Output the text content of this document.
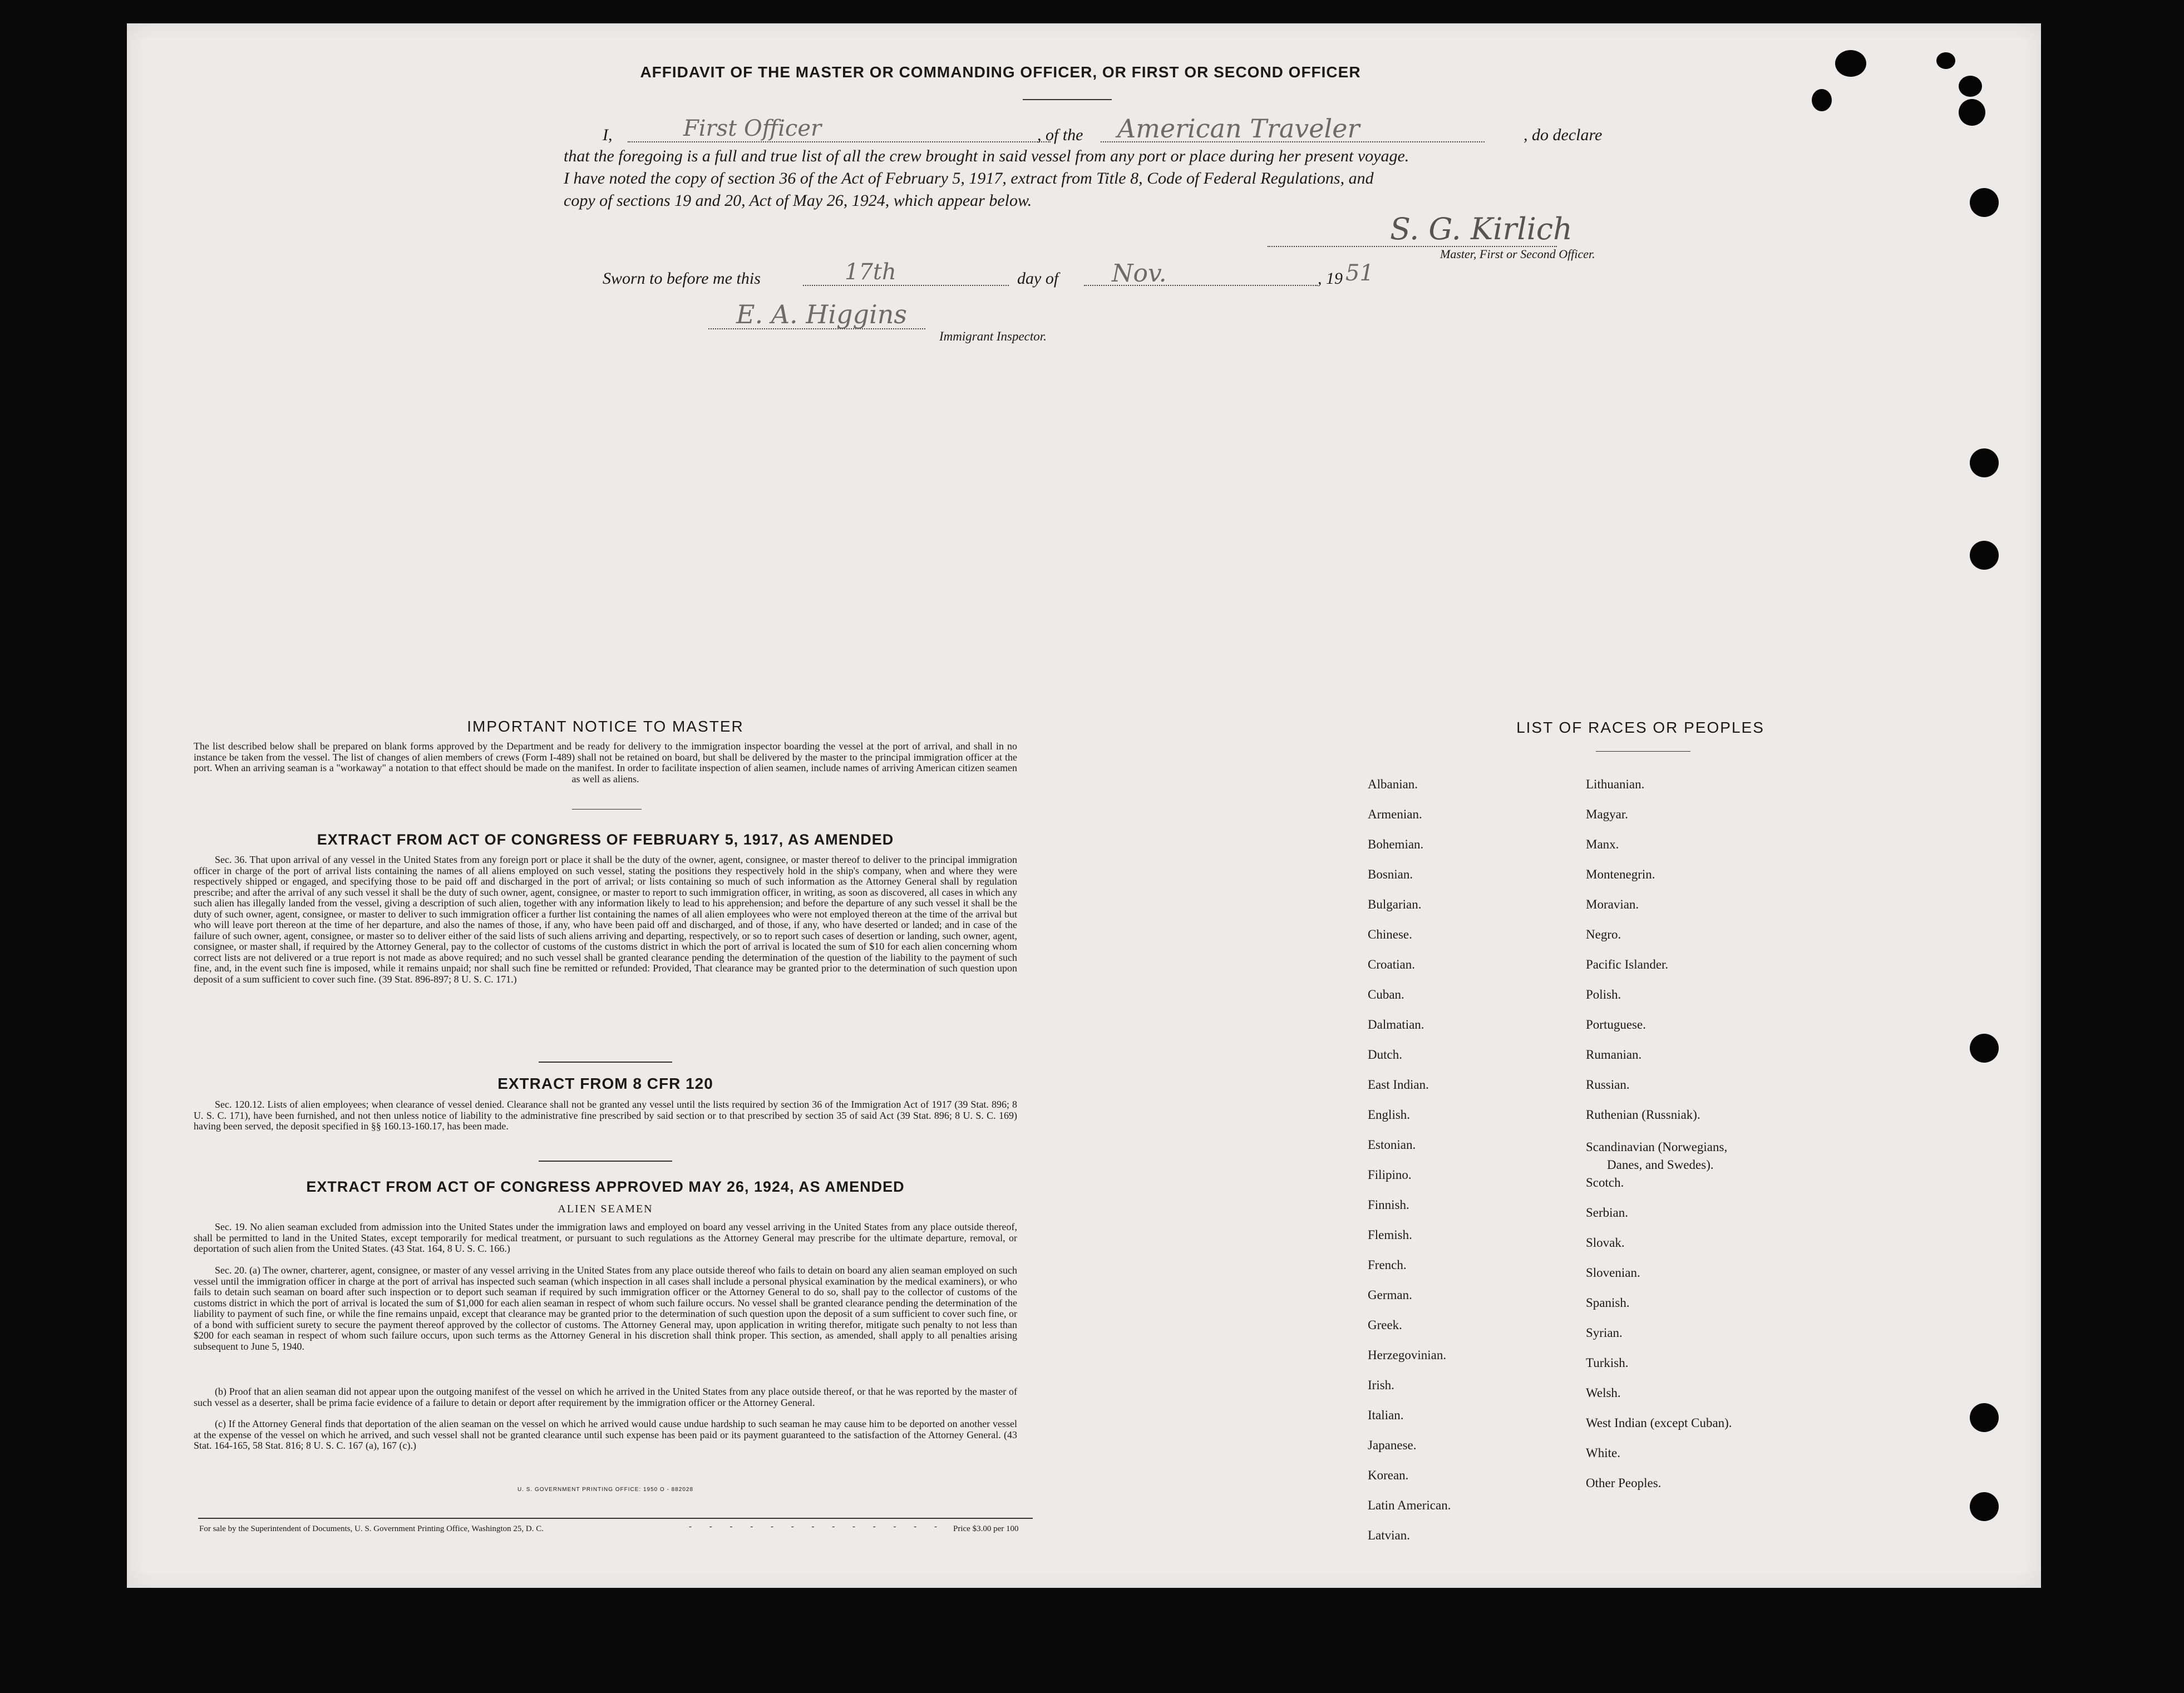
AFFIDAVIT OF THE MASTER OR COMMANDING OFFICER, OR FIRST OR SECOND OFFICER
I,	First Officer	, of the American Traveler	, do declare
that the foregoing is a full and true list of all the crew brought in said vessel from any port or place during her present voyage.
I have noted the copy of section 36 of the Act of February 5, 1917, extract from Title 8, Code of Federal Regulations, and
copy of sections 19 and 20, Act of May 26, 1924, which appear below.
S. G. Kirlich
Master, First or Second Officer.
Sworn to before me this	17th	day of Nov.	, 19 51
E. A. Higgins
Immigrant Inspector.
IMPORTANT NOTICE TO MASTER
The list described below shall be prepared on blank forms approved by the Department and be ready for delivery to the immigration inspector boarding the vessel at the port of arrival, and shall in no instance be taken from the vessel. The list of changes of alien members of crews (Form I-489) shall not be retained on board, but shall be delivered by the master to the principal immigration officer at the port. When an arriving seaman is a "workaway" a notation to that effect should be made on the manifest. In order to facilitate inspection of alien seamen, include names of arriving American citizen seamen as well as aliens.
EXTRACT FROM ACT OF CONGRESS OF FEBRUARY 5, 1917, AS AMENDED
Sec. 36. That upon arrival of any vessel in the United States from any foreign port or place it shall be the duty of the owner, agent, consignee, or master thereof to deliver to the principal immigration officer in charge of the port of arrival lists containing the names of all aliens employed on such vessel, stating the positions they respectively hold in the ship's company, when and where they were respectively shipped or engaged, and specifying those to be paid off and discharged in the port of arrival; or lists containing so much of such information as the Attorney General shall by regulation prescribe; and after the arrival of any such vessel it shall be the duty of such owner, agent, consignee, or master to report to such immigration officer, in writing, as soon as discovered, all cases in which any such alien has illegally landed from the vessel, giving a description of such alien, together with any information likely to lead to his apprehension; and before the departure of any such vessel it shall be the duty of such owner, agent, consignee, or master to deliver to such immigration officer a further list containing the names of all alien employees who were not employed thereon at the time of the arrival but who will leave port thereon at the time of her departure, and also the names of those, if any, who have been paid off and discharged, and of those, if any, who have deserted or landed; and in case of the failure of such owner, agent, consignee, or master so to deliver either of the said lists of such aliens arriving and departing, respectively, or so to report such cases of desertion or landing, such owner, agent, consignee, or master shall, if required by the Attorney General, pay to the collector of customs of the customs district in which the port of arrival is located the sum of $10 for each alien concerning whom correct lists are not delivered or a true report is not made as above required; and no such vessel shall be granted clearance pending the determination of the question of the liability to the payment of such fine, and, in the event such fine is imposed, while it remains unpaid; nor shall such fine be remitted or refunded: Provided, That clearance may be granted prior to the determination of such question upon deposit of a sum sufficient to cover such fine. (39 Stat. 896-897; 8 U. S. C. 171.)
EXTRACT FROM 8 CFR 120
Sec. 120.12. Lists of alien employees; when clearance of vessel denied. Clearance shall not be granted any vessel until the lists required by section 36 of the Immigration Act of 1917 (39 Stat. 896; 8 U. S. C. 171), have been furnished, and not then unless notice of liability to the administrative fine prescribed by said section or to that prescribed by section 35 of said Act (39 Stat. 896; 8 U. S. C. 169) having been served, the deposit specified in §§ 160.13-160.17, has been made.
EXTRACT FROM ACT OF CONGRESS APPROVED MAY 26, 1924, AS AMENDED
ALIEN SEAMEN
Sec. 19. No alien seaman excluded from admission into the United States under the immigration laws and employed on board any vessel arriving in the United States from any place outside thereof, shall be permitted to land in the United States, except temporarily for medical treatment, or pursuant to such regulations as the Attorney General may prescribe for the ultimate departure, removal, or deportation of such alien from the United States. (43 Stat. 164, 8 U. S. C. 166.)
Sec. 20. (a) The owner, charterer, agent, consignee, or master of any vessel arriving in the United States from any place outside thereof who fails to detain on board any alien seaman employed on such vessel until the immigration officer in charge at the port of arrival has inspected such seaman (which inspection in all cases shall include a personal physical examination by the medical examiners), or who fails to detain such seaman on board after such inspection or to deport such seaman if required by such immigration officer or the Attorney General to do so, shall pay to the collector of customs of the customs district in which the port of arrival is located the sum of $1,000 for each alien seaman in respect of whom such failure occurs. No vessel shall be granted clearance pending the determination of the liability to payment of such fine, or while the fine remains unpaid, except that clearance may be granted prior to the determination of such question upon the deposit of a sum sufficient to cover such fine, or of a bond with sufficient surety to secure the payment thereof approved by the collector of customs. The Attorney General may, upon application in writing therefor, mitigate such penalty to not less than $200 for each seaman in respect of whom such failure occurs, upon such terms as the Attorney General in his discretion shall think proper. This section, as amended, shall apply to all penalties arising subsequent to June 5, 1940.
(b) Proof that an alien seaman did not appear upon the outgoing manifest of the vessel on which he arrived in the United States from any place outside thereof, or that he was reported by the master of such vessel as a deserter, shall be prima facie evidence of a failure to detain or deport after requirement by the immigration officer or the Attorney General.
(c) If the Attorney General finds that deportation of the alien seaman on the vessel on which he arrived would cause undue hardship to such seaman he may cause him to be deported on another vessel at the expense of the vessel on which he arrived, and such vessel shall not be granted clearance until such expense has been paid or its payment guaranteed to the satisfaction of the Attorney General. (43 Stat. 164-165, 58 Stat. 816; 8 U. S. C. 167 (a), 167 (c).)
U. S. GOVERNMENT PRINTING OFFICE: 1950 O - 882028
For sale by the Superintendent of Documents, U. S. Government Printing Office, Washington 25, D. C.	- - - - - - - - - - - - - Price $3.00 per 100
LIST OF RACES OR PEOPLES
Albanian.
Armenian.
Bohemian.
Bosnian.
Bulgarian.
Chinese.
Croatian.
Cuban.
Dalmatian.
Dutch.
East Indian.
English.
Estonian.
Filipino.
Finnish.
Flemish.
French.
German.
Greek.
Herzegovinian.
Irish.
Italian.
Japanese.
Korean.
Latin American.
Latvian.
Lithuanian.
Magyar.
Manx.
Montenegrin.
Moravian.
Negro.
Pacific Islander.
Polish.
Portuguese.
Rumanian.
Russian.
Ruthenian (Russniak).
Scandinavian (Norwegians,
Danes, and Swedes).
Scotch.
Serbian.
Slovak.
Slovenian.
Spanish.
Syrian.
Turkish.
Welsh.
West Indian (except Cuban).
White.
Other Peoples.
